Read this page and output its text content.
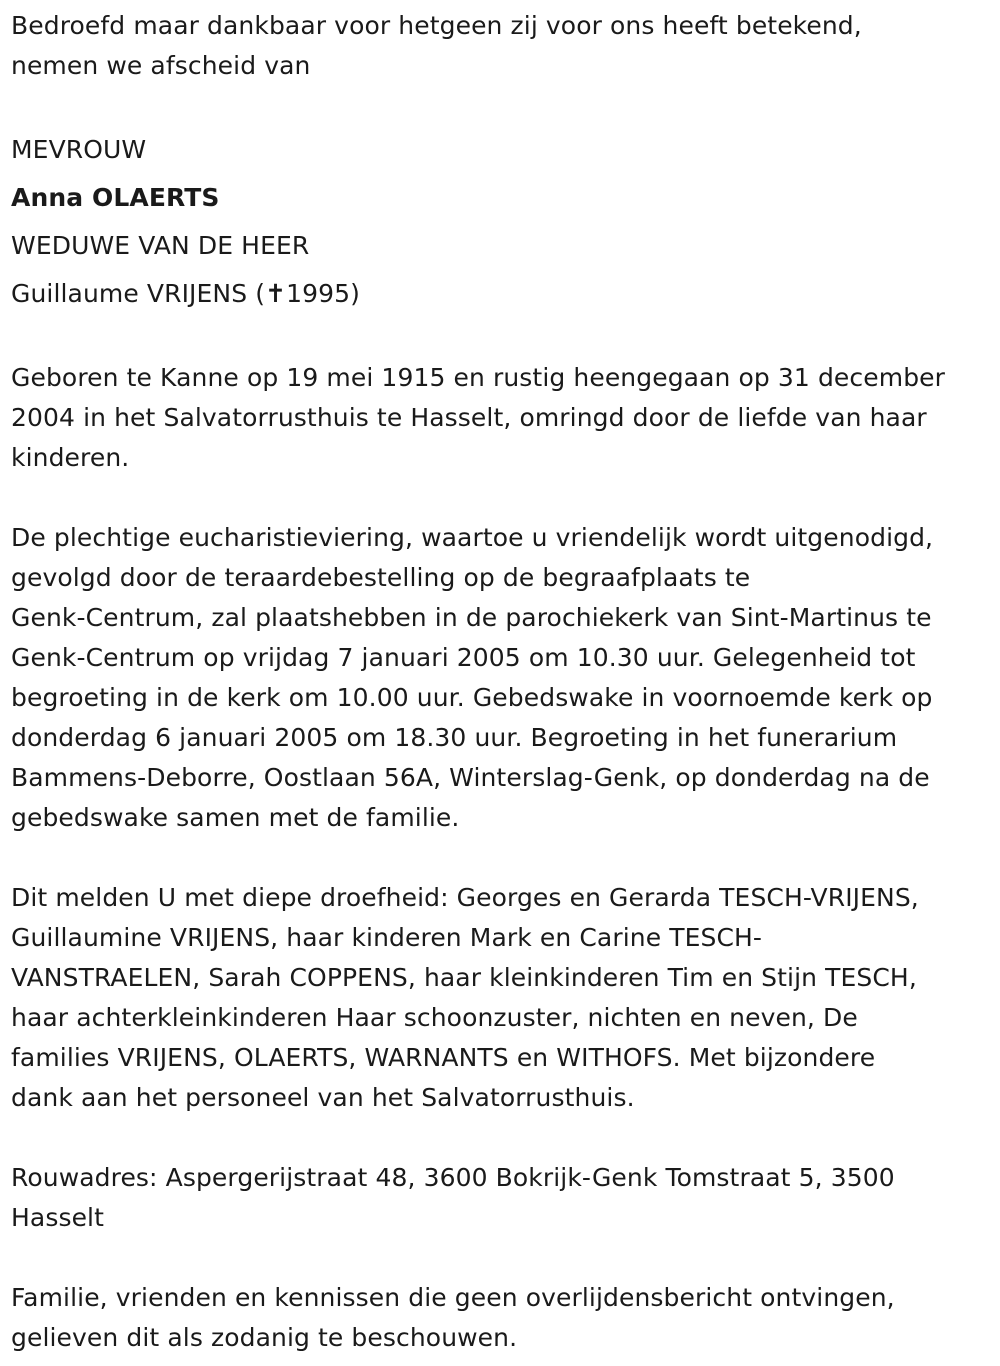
Bedroefd maar dankbaar voor hetgeen zij voor ons heeft betekend,

nemen we afscheid van

MEVROUW

Anna OLAERTS

WEDUWE VAN DE HEER

Guillaume VRIJENS (✝1995)

Geboren te Kanne op 19 mei 1915 en rustig heengegaan op 31 december

2004 in het Salvatorrusthuis te Hasselt, omringd door de liefde van haar

kinderen.

De plechtige eucharistieviering, waartoe u vriendelijk wordt uitgenodigd,

gevolgd door de teraardebestelling op de begraafplaats te

Genk-Centrum, zal plaatshebben in de parochiekerk van Sint-Martinus te

Genk-Centrum op vrijdag 7 januari 2005 om 10.30 uur. Gelegenheid tot

begroeting in de kerk om 10.00 uur. Gebedswake in voornoemde kerk op

donderdag 6 januari 2005 om 18.30 uur. Begroeting in het funerarium

Bammens-Deborre, Oostlaan 56A, Winterslag-Genk, op donderdag na de

gebedswake samen met de familie.

Dit melden U met diepe droefheid: Georges en Gerarda TESCH-VRIJENS,

Guillaumine VRIJENS, haar kinderen Mark en Carine TESCH-

VANSTRAELEN, Sarah COPPENS, haar kleinkinderen Tim en Stijn TESCH,

haar achterkleinkinderen Haar schoonzuster, nichten en neven, De

families VRIJENS, OLAERTS, WARNANTS en WITHOFS. Met bijzondere

dank aan het personeel van het Salvatorrusthuis.

Rouwadres: Aspergerijstraat 48, 3600 Bokrijk-Genk Tomstraat 5, 3500

Hasselt

Familie, vrienden en kennissen die geen overlijdensbericht ontvingen,

gelieven dit als zodanig te beschouwen.
